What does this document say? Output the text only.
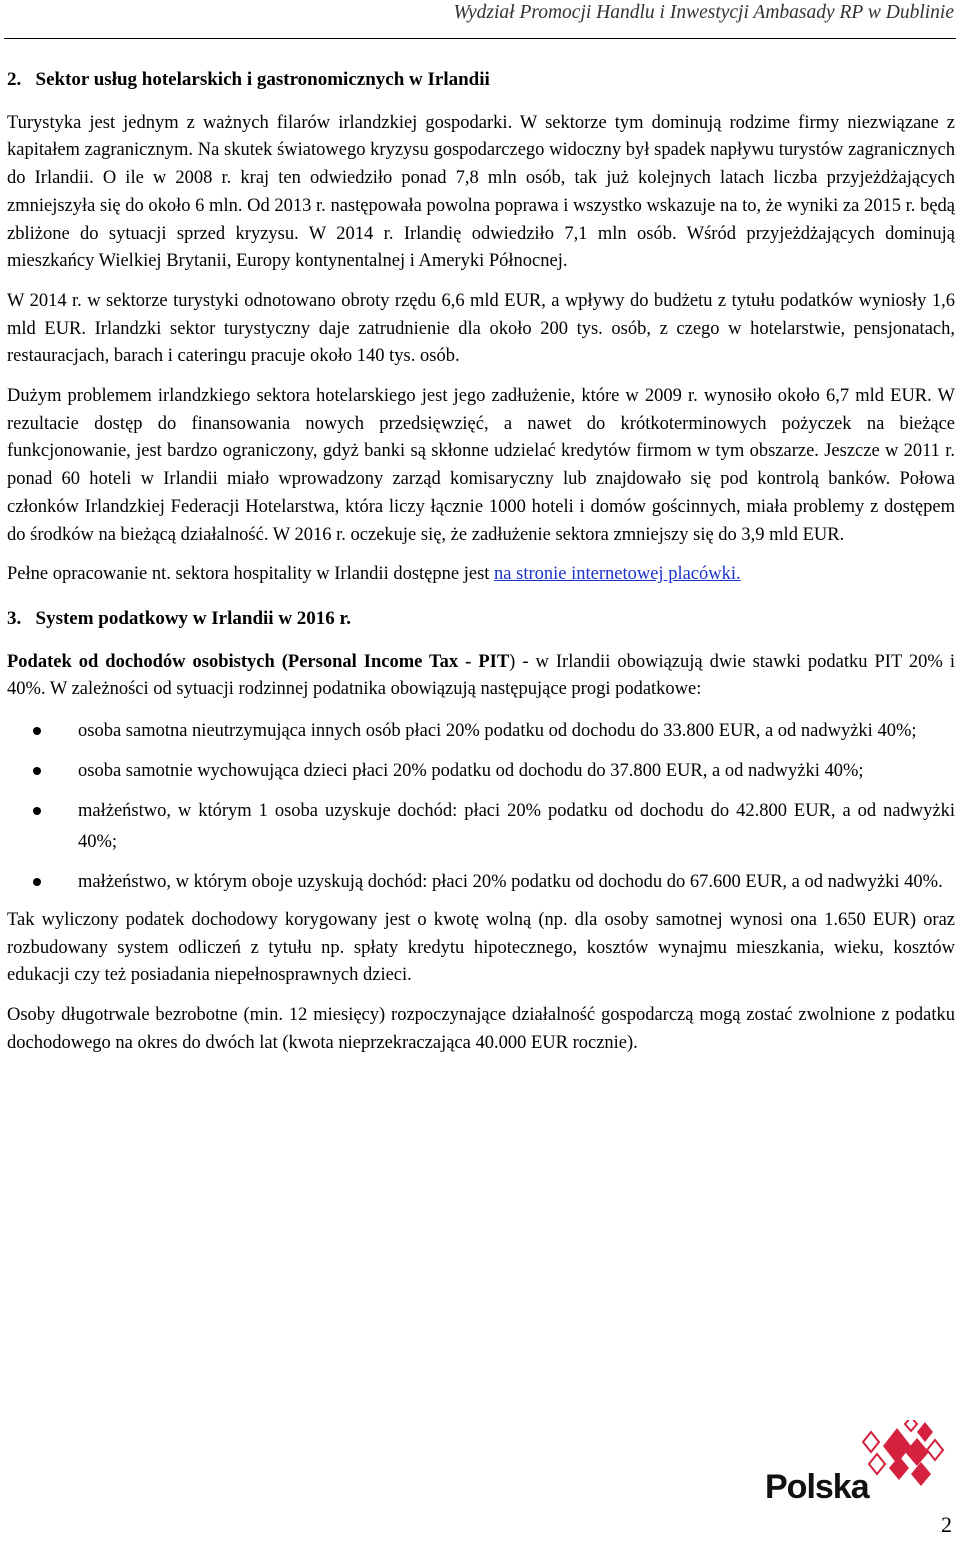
Wydział Promocji Handlu i Inwestycji Ambasady RP w Dublinie

2.   Sektor usług hotelarskich i gastronomicznych w Irlandii

Turystyka jest jednym z ważnych filarów irlandzkiej gospodarki. W sektorze tym dominują rodzime firmy niezwiązane z kapitałem zagranicznym. Na skutek światowego kryzysu gospodarczego widoczny był spadek napływu turystów zagranicznych do Irlandii. O ile w 2008 r. kraj ten odwiedziło ponad 7,8 mln osób, tak już kolejnych latach liczba przyjeżdżających zmniejszyła się do około 6 mln. Od 2013 r. następowała powolna poprawa i wszystko wskazuje na to, że wyniki za 2015 r. będą zbliżone do sytuacji sprzed kryzysu. W 2014 r. Irlandię odwiedziło 7,1 mln osób. Wśród przyjeżdżających dominują mieszkańcy Wielkiej Brytanii, Europy kontynentalnej i Ameryki Północnej.

W 2014 r. w sektorze turystyki odnotowano obroty rzędu 6,6 mld EUR, a wpływy do budżetu z tytułu podatków wyniosły 1,6 mld EUR. Irlandzki sektor turystyczny daje zatrudnienie dla około 200 tys. osób, z czego w hotelarstwie, pensjonatach, restauracjach, barach i cateringu pracuje około 140 tys. osób.

Dużym problemem irlandzkiego sektora hotelarskiego jest jego zadłużenie, które w 2009 r. wynosiło około 6,7 mld EUR. W rezultacie dostęp do finansowania nowych przedsięwzięć, a nawet do krótkoterminowych pożyczek na bieżące funkcjonowanie, jest bardzo ograniczony, gdyż banki są skłonne udzielać kredytów firmom w tym obszarze. Jeszcze w 2011 r. ponad 60 hoteli w Irlandii miało wprowadzony zarząd komisaryczny lub znajdowało się pod kontrolą banków. Połowa członków Irlandzkiej Federacji Hotelarstwa, która liczy łącznie 1000 hoteli i domów gościnnych, miała problemy z dostępem do środków na bieżącą działalność. W 2016 r. oczekuje się, że zadłużenie sektora zmniejszy się do 3,9 mld EUR.

Pełne opracowanie nt. sektora hospitality w Irlandii dostępne jest na stronie internetowej placówki.

3.   System podatkowy w Irlandii w 2016 r.

Podatek od dochodów osobistych (Personal Income Tax - PIT) - w Irlandii obowiązują dwie stawki podatku PIT 20% i 40%. W zależności od sytuacji rodzinnej podatnika obowiązują następujące progi podatkowe:

osoba samotna nieutrzymująca innych osób płaci 20% podatku od dochodu do 33.800 EUR, a od nadwyżki 40%;
osoba samotnie wychowująca dzieci płaci 20% podatku od dochodu do 37.800 EUR, a od nadwyżki 40%;
małżeństwo, w którym 1 osoba uzyskuje dochód: płaci 20% podatku od dochodu do 42.800 EUR, a od nadwyżki 40%;
małżeństwo, w którym oboje uzyskują dochód: płaci 20% podatku od dochodu do 67.600 EUR, a od nadwyżki 40%.

Tak wyliczony podatek dochodowy korygowany jest o kwotę wolną (np. dla osoby samotnej wynosi ona 1.650 EUR) oraz rozbudowany system odliczeń z tytułu np. spłaty kredytu hipotecznego, kosztów wynajmu mieszkania, wieku, kosztów edukacji czy też posiadania niepełnosprawnych dzieci.

Osoby długotrwale bezrobotne (min. 12 miesięcy) rozpoczynające działalność gospodarczą mogą zostać zwolnione z podatku dochodowego na okres do dwóch lat (kwota nieprzekraczająca 40.000 EUR rocznie).

Polska
2
